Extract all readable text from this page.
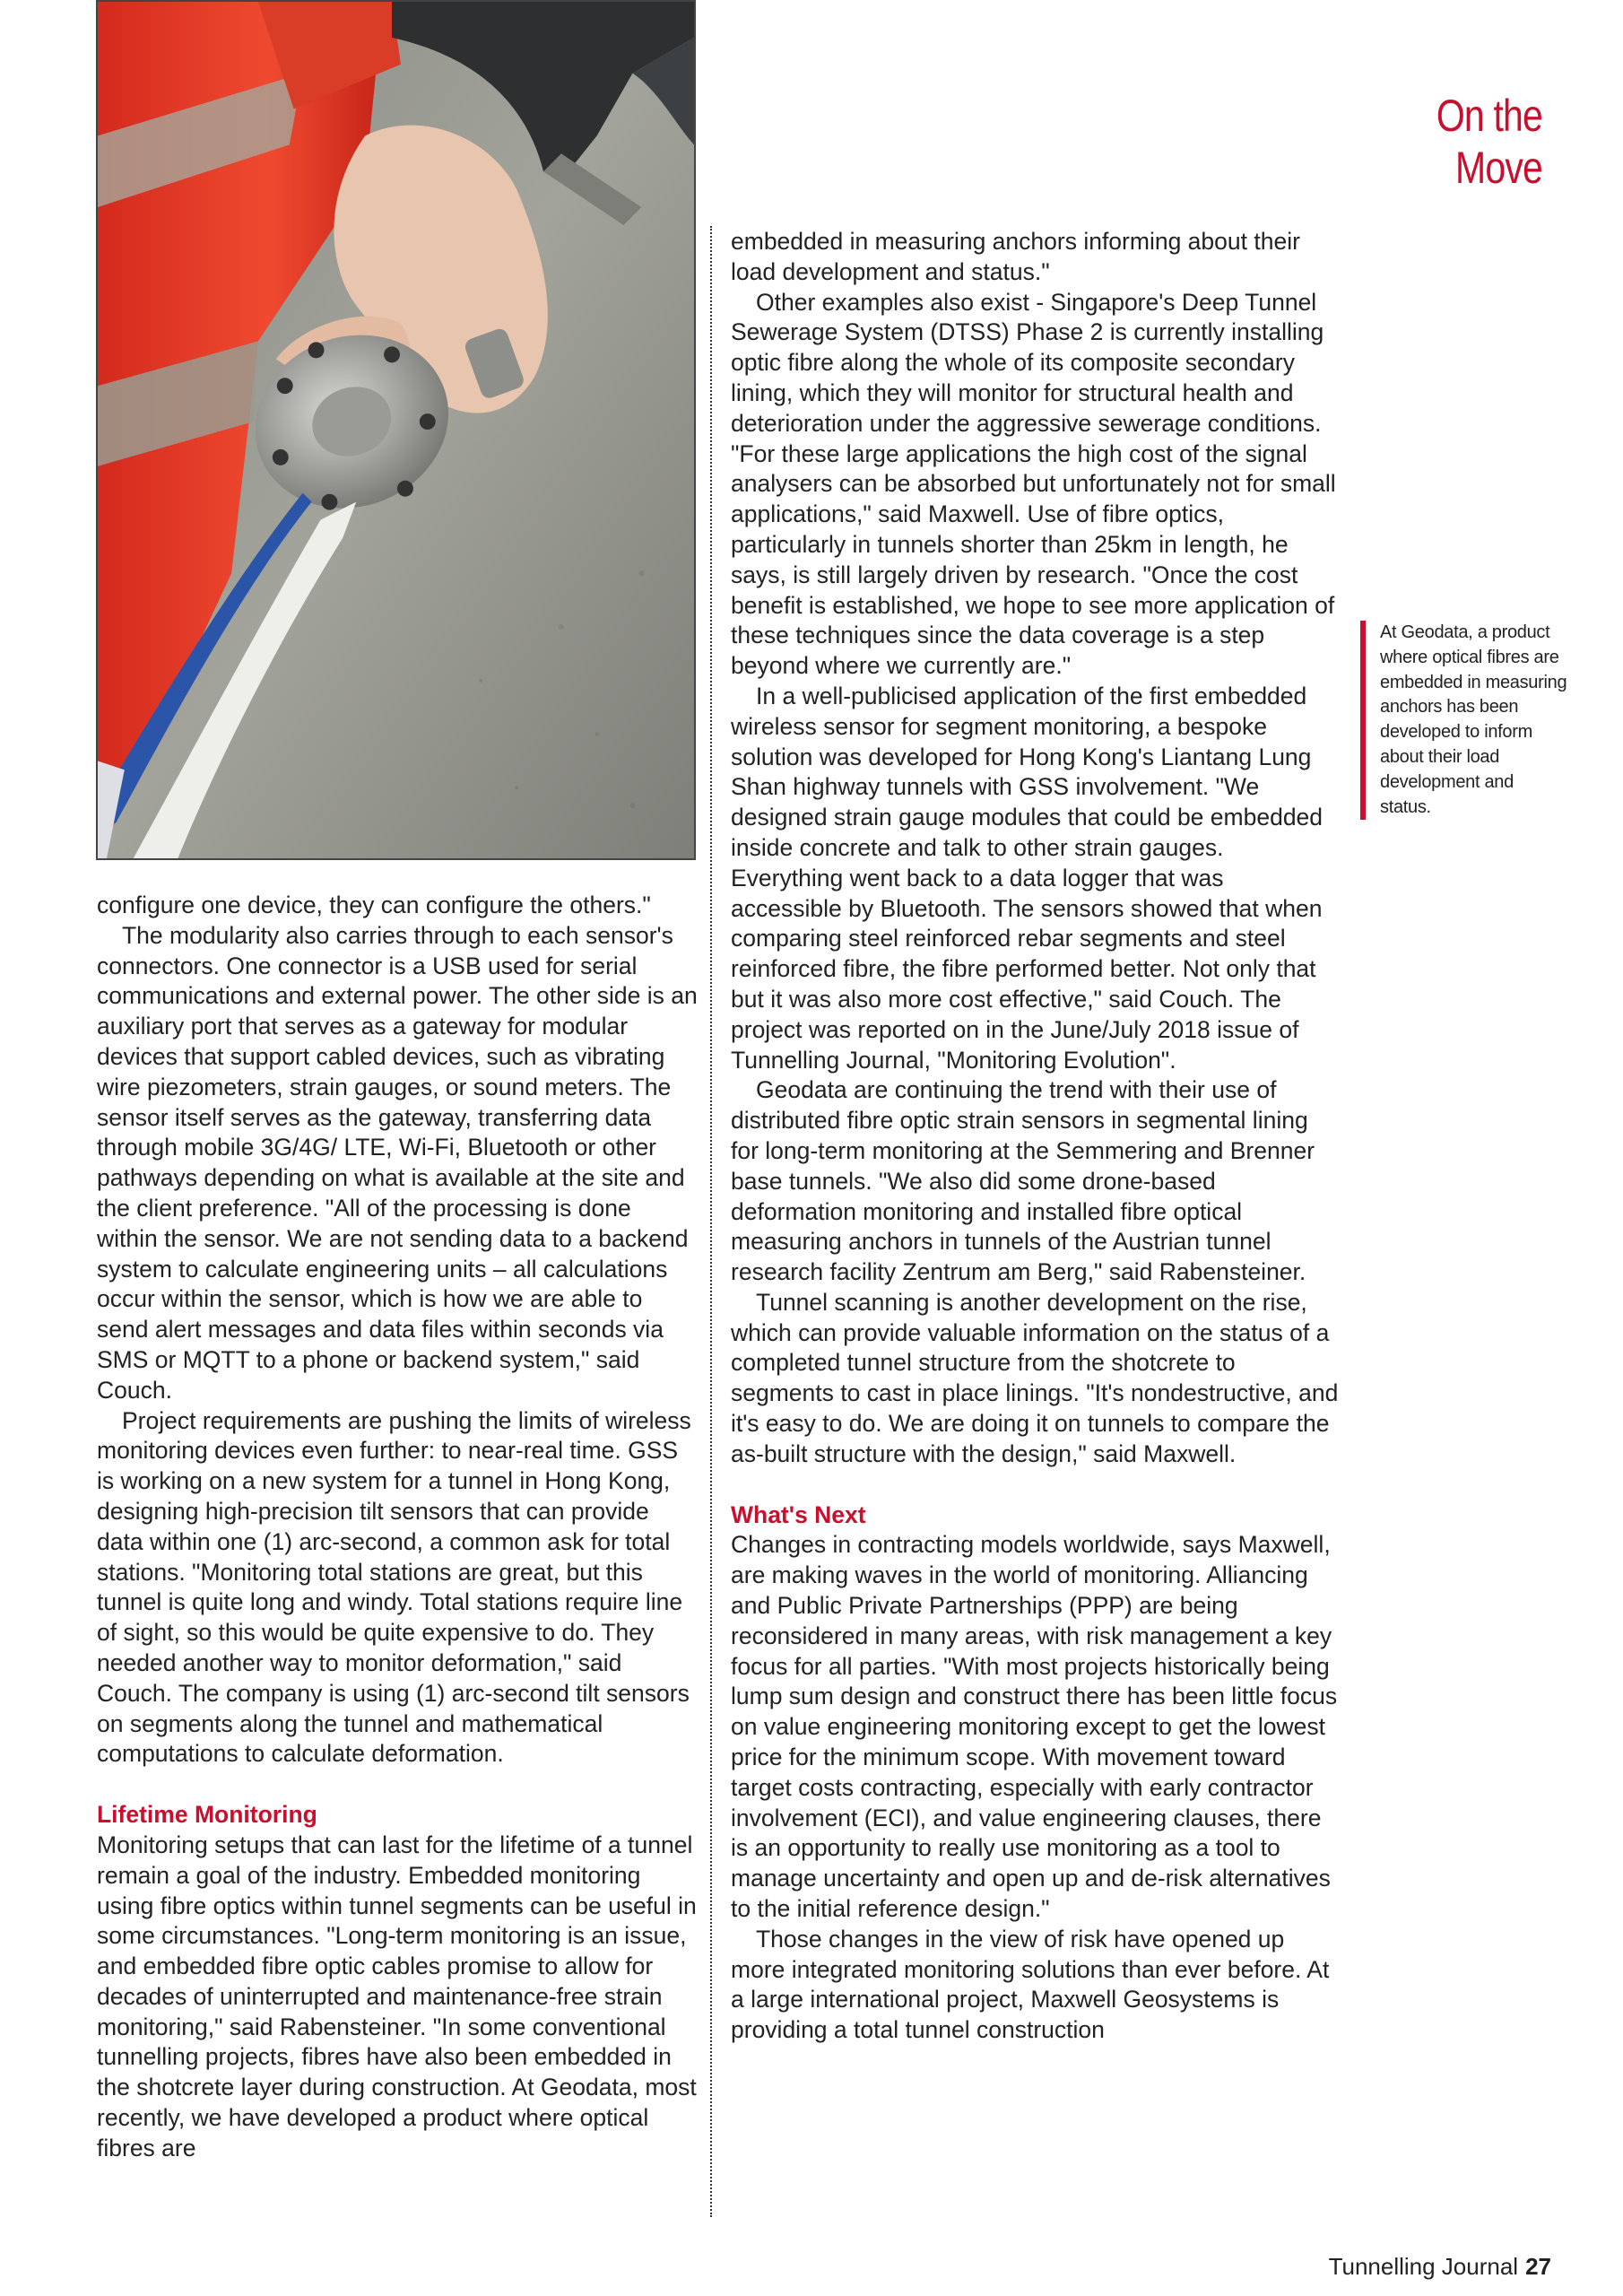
On the Move

configure one device, they can configure the others."

The modularity also carries through to each sensor's connectors. One connector is a USB used for serial communications and external power. The other side is an auxiliary port that serves as a gateway for modular devices that support cabled devices, such as vibrating wire piezometers, strain gauges, or sound meters. The sensor itself serves as the gateway, transferring data through mobile 3G/4G/ LTE, Wi-Fi, Bluetooth or other pathways depending on what is available at the site and the client preference. "All of the processing is done within the sensor. We are not sending data to a backend system to calculate engineering units – all calculations occur within the sensor, which is how we are able to send alert messages and data files within seconds via SMS or MQTT to a phone or backend system," said Couch.

Project requirements are pushing the limits of wireless monitoring devices even further: to near-real time. GSS is working on a new system for a tunnel in Hong Kong, designing high-precision tilt sensors that can provide data within one (1) arc-second, a common ask for total stations. "Monitoring total stations are great, but this tunnel is quite long and windy. Total stations require line of sight, so this would be quite expensive to do. They needed another way to monitor deformation," said Couch. The company is using (1) arc-second tilt sensors on segments along the tunnel and mathematical computations to calculate deformation.

Lifetime Monitoring

Monitoring setups that can last for the lifetime of a tunnel remain a goal of the industry. Embedded monitoring using fibre optics within tunnel segments can be useful in some circumstances. "Long-term monitoring is an issue, and embedded fibre optic cables promise to allow for decades of uninterrupted and maintenance-free strain monitoring," said Rabensteiner. "In some conventional tunnelling projects, fibres have also been embedded in the shotcrete layer during construction. At Geodata, most recently, we have developed a product where optical fibres are

embedded in measuring anchors informing about their load development and status."

Other examples also exist - Singapore's Deep Tunnel Sewerage System (DTSS) Phase 2 is currently installing optic fibre along the whole of its composite secondary lining, which they will monitor for structural health and deterioration under the aggressive sewerage conditions. "For these large applications the high cost of the signal analysers can be absorbed but unfortunately not for small applications," said Maxwell. Use of fibre optics, particularly in tunnels shorter than 25km in length, he says, is still largely driven by research. "Once the cost benefit is established, we hope to see more application of these techniques since the data coverage is a step beyond where we currently are."

In a well-publicised application of the first embedded wireless sensor for segment monitoring, a bespoke solution was developed for Hong Kong's Liantang Lung Shan highway tunnels with GSS involvement. "We designed strain gauge modules that could be embedded inside concrete and talk to other strain gauges. Everything went back to a data logger that was accessible by Bluetooth. The sensors showed that when comparing steel reinforced rebar segments and steel reinforced fibre, the fibre performed better. Not only that but it was also more cost effective," said Couch. The project was reported on in the June/July 2018 issue of Tunnelling Journal, "Monitoring Evolution".

Geodata are continuing the trend with their use of distributed fibre optic strain sensors in segmental lining for long-term monitoring at the Semmering and Brenner base tunnels. "We also did some drone-based deformation monitoring and installed fibre optical measuring anchors in tunnels of the Austrian tunnel research facility Zentrum am Berg," said Rabensteiner.

Tunnel scanning is another development on the rise, which can provide valuable information on the status of a completed tunnel structure from the shotcrete to segments to cast in place linings. "It's nondestructive, and it's easy to do. We are doing it on tunnels to compare the as-built structure with the design," said Maxwell.

What's Next

Changes in contracting models worldwide, says Maxwell, are making waves in the world of monitoring. Alliancing and Public Private Partnerships (PPP) are being reconsidered in many areas, with risk management a key focus for all parties. "With most projects historically being lump sum design and construct there has been little focus on value engineering monitoring except to get the lowest price for the minimum scope. With movement toward target costs contracting, especially with early contractor involvement (ECI), and value engineering clauses, there is an opportunity to really use monitoring as a tool to manage uncertainty and open up and de-risk alternatives to the initial reference design."

Those changes in the view of risk have opened up more integrated monitoring solutions than ever before. At a large international project, Maxwell Geosystems is providing a total tunnel construction

At Geodata, a product where optical fibres are embedded in measuring anchors has been developed to inform about their load development and status.
Tunnelling Journal 27
